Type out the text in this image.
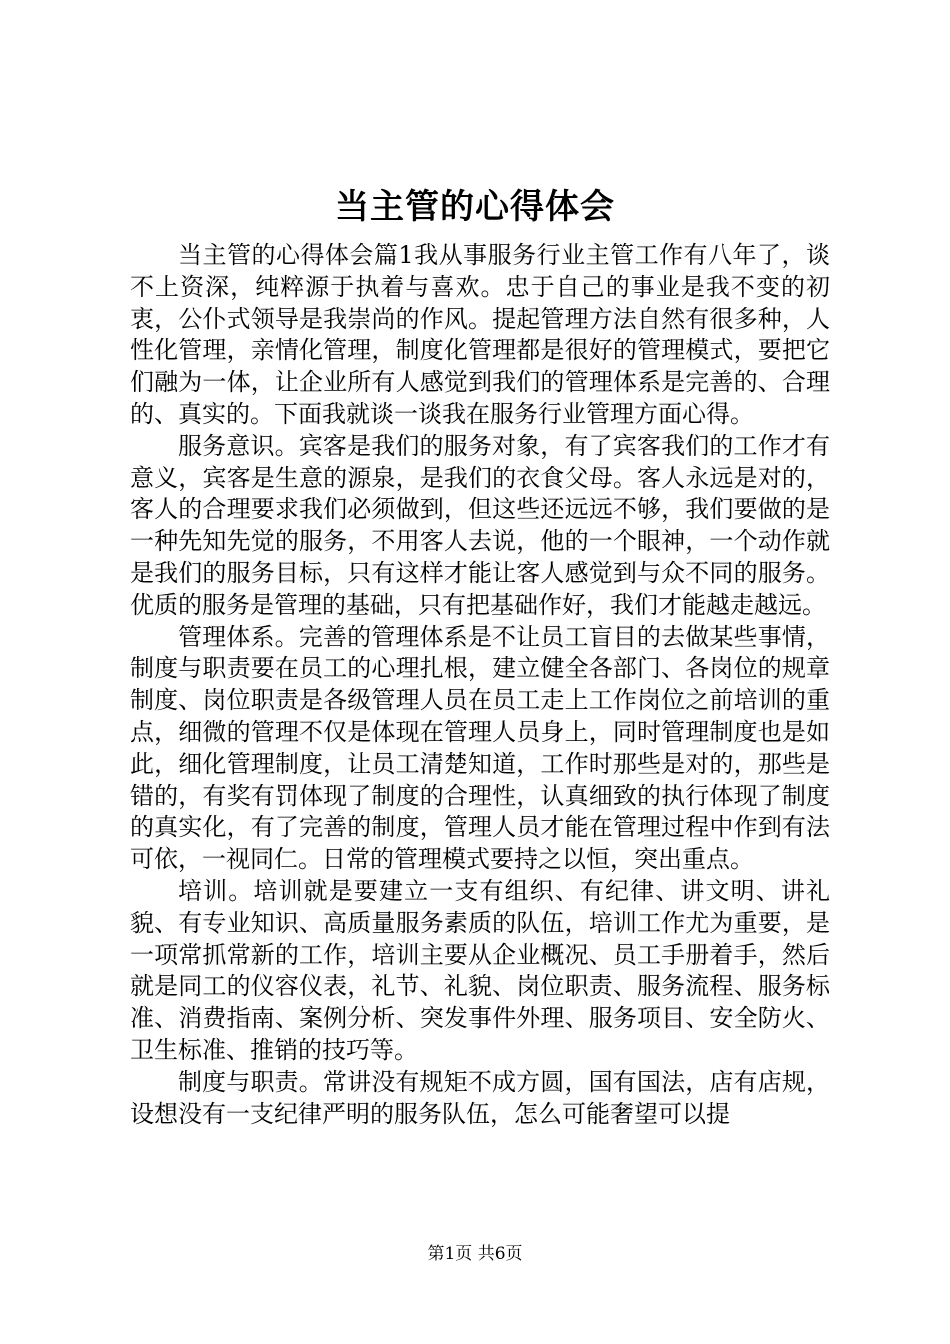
当主管的心得体会

当主管的心得体会篇1我从事服务行业主管工作有八年了，谈不上资深，纯粹源于执着与喜欢。忠于自己的事业是我不变的初衷，公仆式领导是我崇尚的作风。提起管理方法自然有很多种，人性化管理，亲情化管理，制度化管理都是很好的管理模式，要把它们融为一体，让企业所有人感觉到我们的管理体系是完善的、合理的、真实的。下面我就谈一谈我在服务行业管理方面心得。

服务意识。宾客是我们的服务对象，有了宾客我们的工作才有意义，宾客是生意的源泉，是我们的衣食父母。客人永远是对的，客人的合理要求我们必须做到，但这些还远远不够，我们要做的是一种先知先觉的服务，不用客人去说，他的一个眼神，一个动作就是我们的服务目标，只有这样才能让客人感觉到与众不同的服务。优质的服务是管理的基础，只有把基础作好，我们才能越走越远。

管理体系。完善的管理体系是不让员工盲目的去做某些事情，制度与职责要在员工的心理扎根，建立健全各部门、各岗位的规章制度、岗位职责是各级管理人员在员工走上工作岗位之前培训的重点，细微的管理不仅是体现在管理人员身上，同时管理制度也是如此，细化管理制度，让员工清楚知道，工作时那些是对的，那些是错的，有奖有罚体现了制度的合理性，认真细致的执行体现了制度的真实化，有了完善的制度，管理人员才能在管理过程中作到有法可依，一视同仁。日常的管理模式要持之以恒，突出重点。

培训。培训就是要建立一支有组织、有纪律、讲文明、讲礼貌、有专业知识、高质量服务素质的队伍，培训工作尤为重要，是一项常抓常新的工作，培训主要从企业概况、员工手册着手，然后就是同工的仪容仪表，礼节、礼貌、岗位职责、服务流程、服务标准、消费指南、案例分析、突发事件外理、服务项目、安全防火、卫生标准、推销的技巧等。

制度与职责。常讲没有规矩不成方圆，国有国法，店有店规，设想没有一支纪律严明的服务队伍，怎么可能奢望可以提

第1页 共6页
